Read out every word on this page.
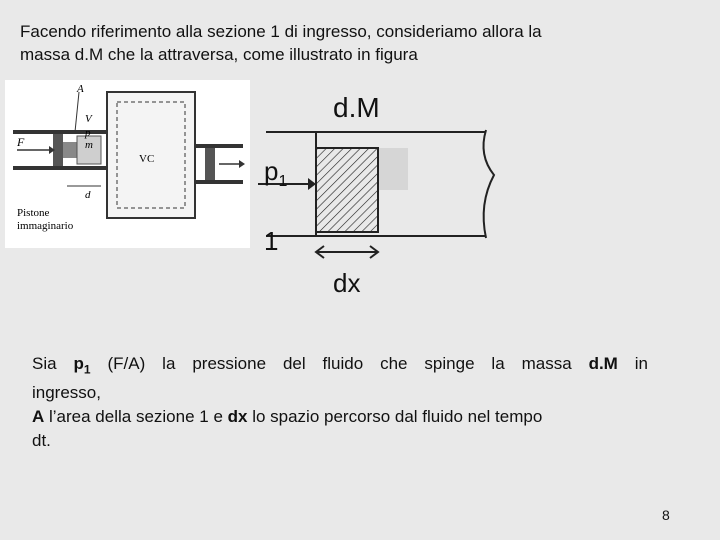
Facendo riferimento alla sezione 1 di ingresso, consideriamo allora la
massa d.M che la attraversa, come illustrato in figura
A
V
p
m
F
VC
d
Pistone
immaginario
d.M
$p_1$
1
dx
Sia $p_1$ (F/A) la pressione del fluido che spinge la massa d.M in
ingresso,
A l’area della sezione 1 e dx lo spazio percorso dal fluido nel tempo
dt.
8
